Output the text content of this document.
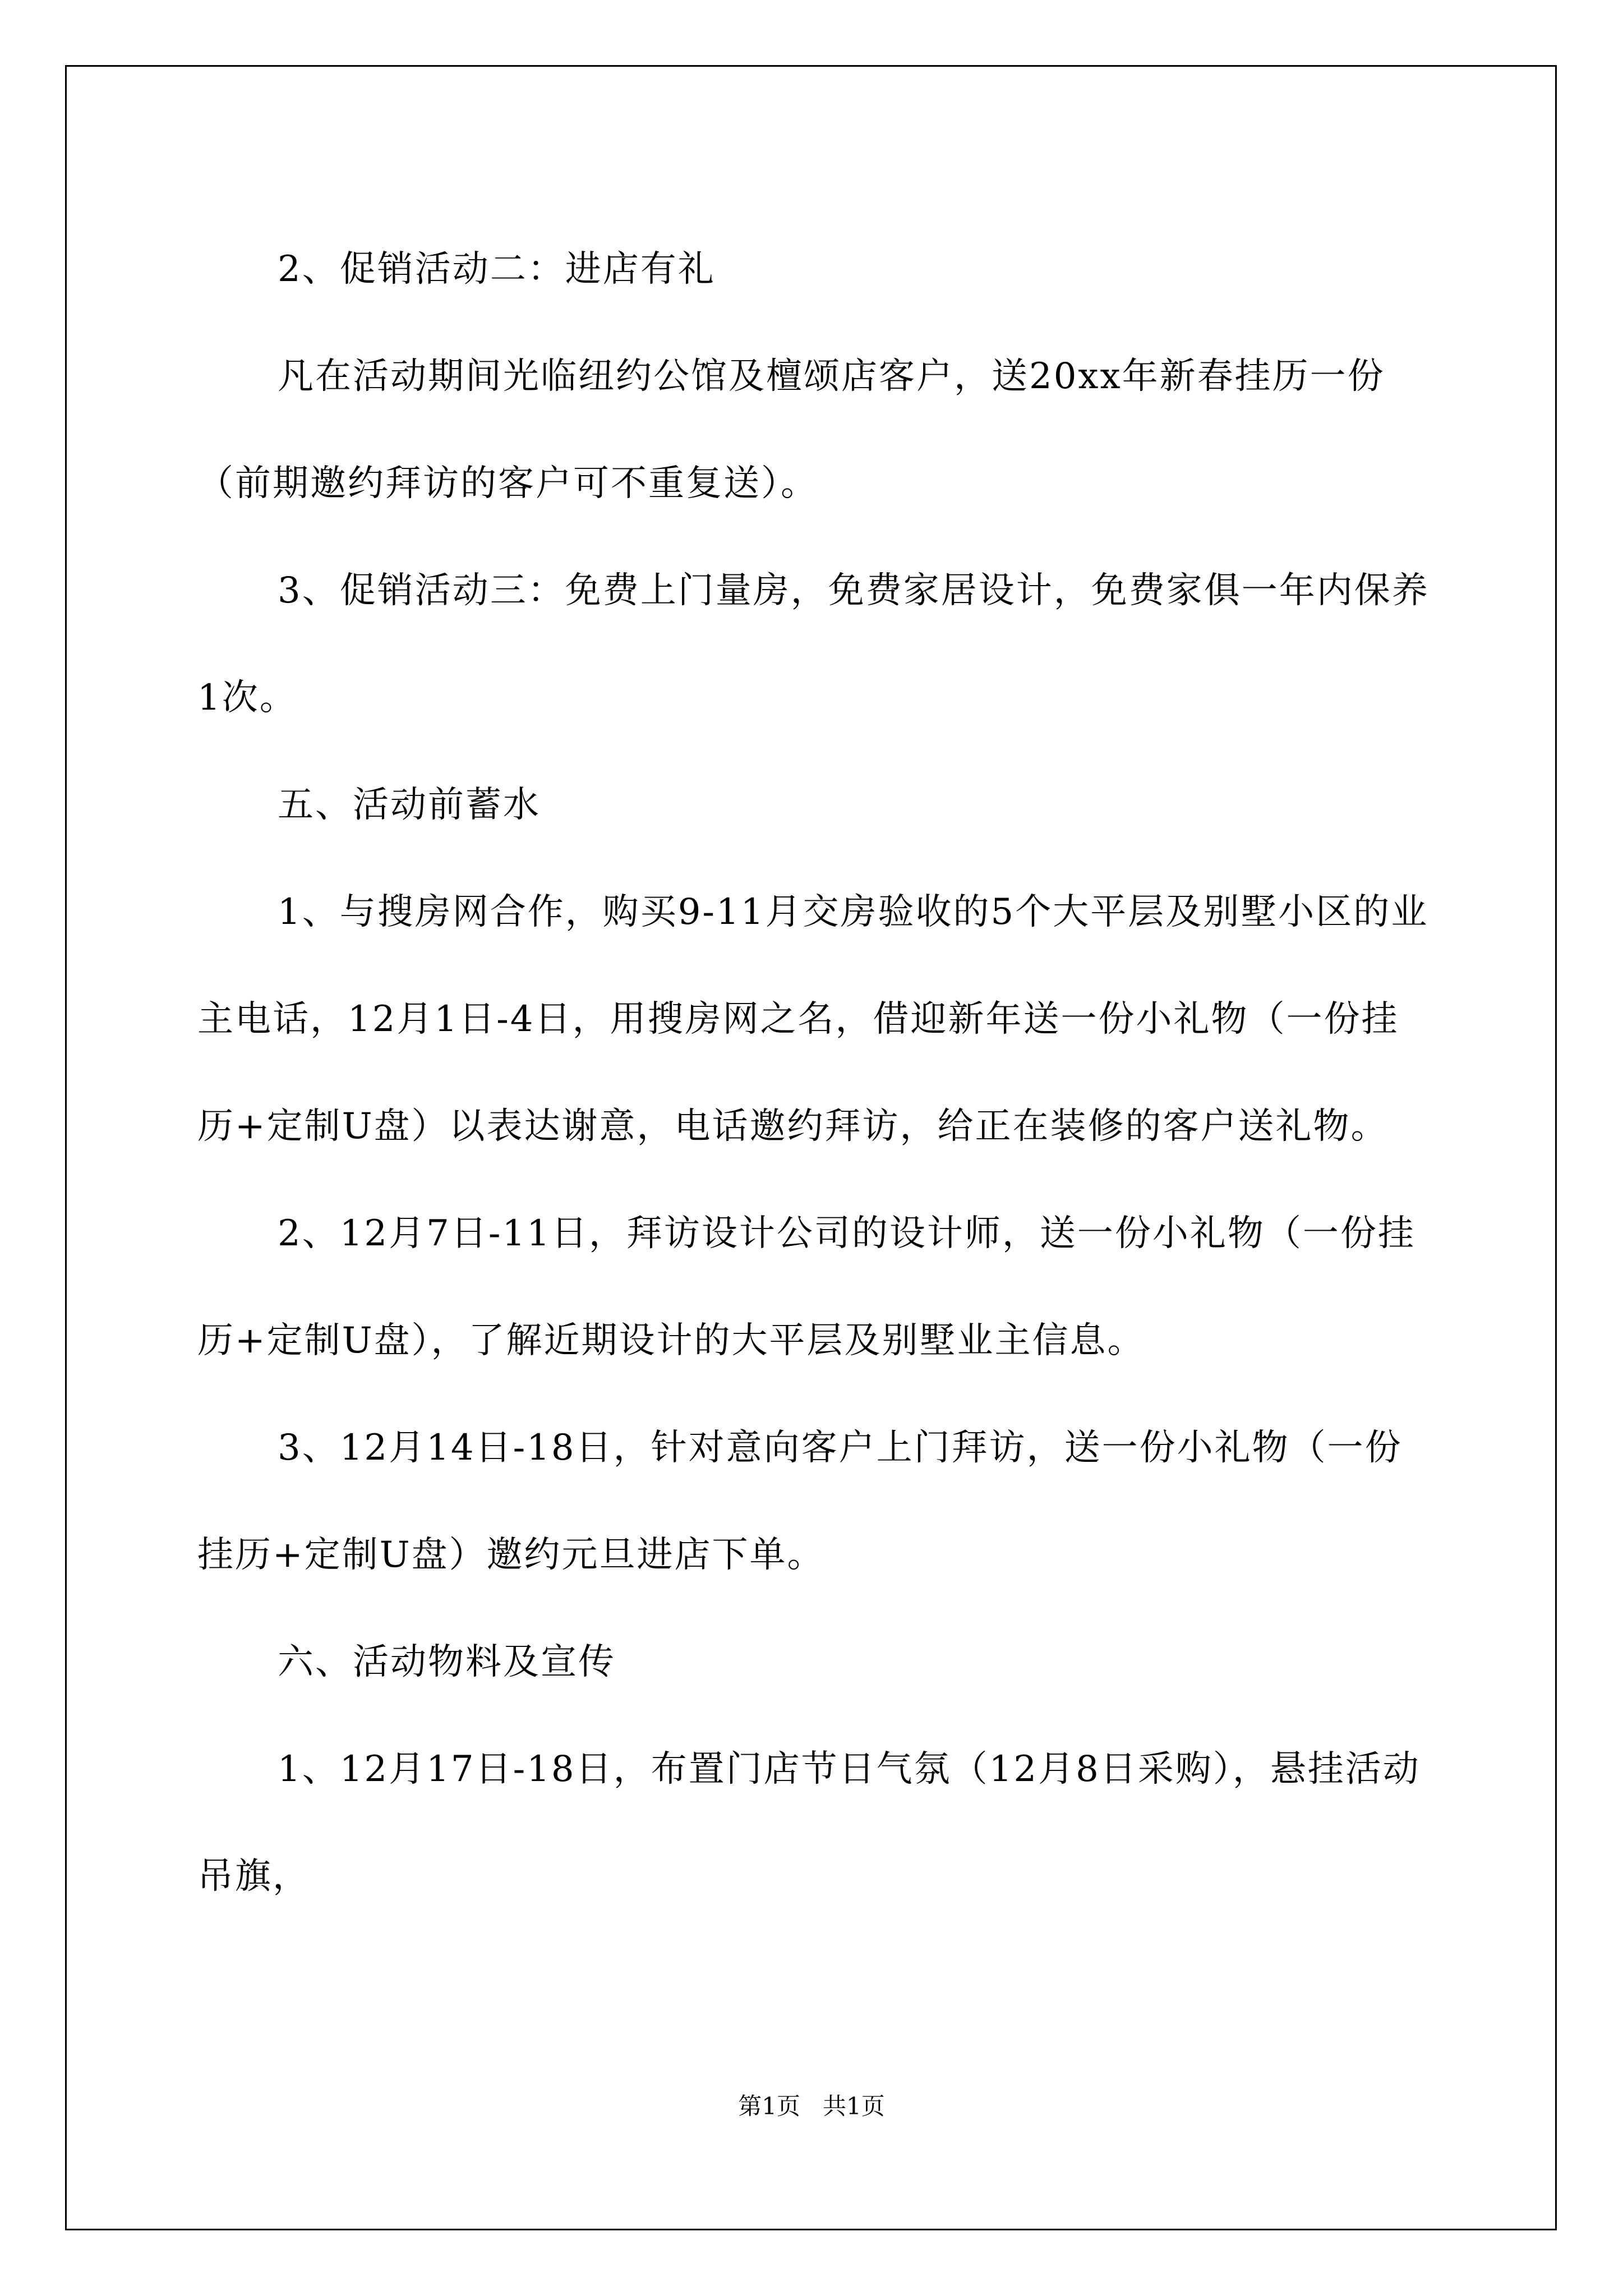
2、促销活动二：进店有礼

凡在活动期间光临纽约公馆及檀颂店客户，送20xx年新春挂历一份（前期邀约拜访的客户可不重复送）。

3、促销活动三：免费上门量房，免费家居设计，免费家俱一年内保养1次。

五、活动前蓄水

1、与搜房网合作，购买9-11月交房验收的5个大平层及别墅小区的业主电话，12月1日-4日，用搜房网之名，借迎新年送一份小礼物（一份挂历+定制U盘）以表达谢意，电话邀约拜访，给正在装修的客户送礼物。

2、12月7日-11日，拜访设计公司的设计师，送一份小礼物（一份挂历+定制U盘），了解近期设计的大平层及别墅业主信息。

3、12月14日-18日，针对意向客户上门拜访，送一份小礼物（一份挂历+定制U盘）邀约元旦进店下单。

六、活动物料及宣传

1、12月17日-18日，布置门店节日气氛（12月8日采购），悬挂活动吊旗，

第1页 共1页
